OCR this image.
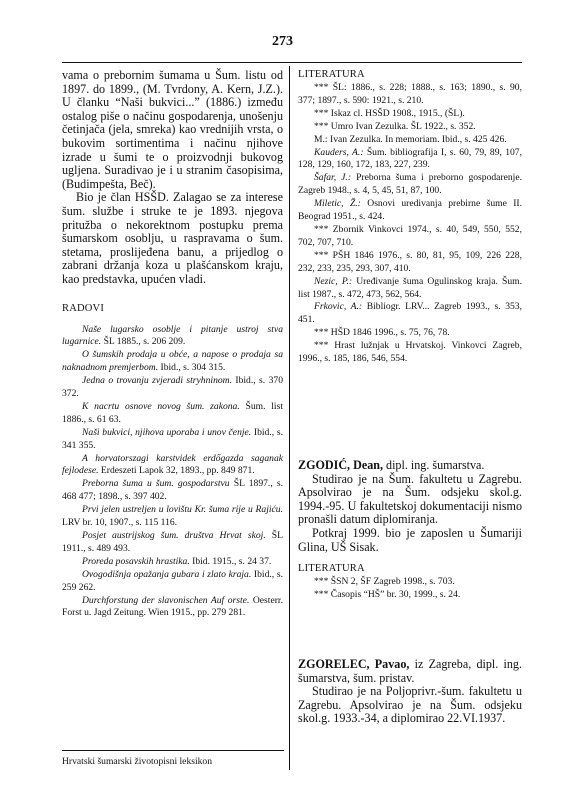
273

vama o prebornim šumama u Šum. listu od 1897. do 1899., (M. Tvrdony, A. Kern, J.Z.). U članku “Naši bukvici...” (1886.) između ostalog piše o načinu gospodarenja, unošenju četinjača (jela, smreka) kao vrednijih vrsta, o bukovim sortimentima i načinu njihove izrade u šumi te o proizvodnji bukovog ugljena. Suradivao je i u stranim časopisima, (Budimpešta, Beč).

Bio je član HSŠD. Zalagao se za interese šum. službe i struke te je 1893. njegova pritužba o nekorektnom postupku prema šumarskom osoblju, u raspravama o šum. stetama, proslijeđena banu, a prijedlog o zabrani držanja koza u plašćanskom kraju, kao predstavka, upućen vladi.

RADOVI

Naše lugarsko osoblje i pitanje ustroj stva lugarnice. ŠL 1885., s. 206 209.

O šumskih prodaja u obće, a napose o prodaja sa naknadnom premjerbom. Ibid., s. 304 315.

Jedna o trovanju zvjeradi stryhninom. Ibid., s. 370 372.

K nacrtu osnove novog šum. zakona. Šum. list 1886., s. 61 63.

Naši bukvici, njihova uporaba i unov čenje. Ibid., s. 341 355.

A horvatorszagi karstvidek erdőgazda saganak fejlodese. Erdeszeti Lapok 32, 1893., pp. 849 871.

Preborna šuma u šum. gospodarstvu ŠL 1897., s. 468 477; 1898., s. 397 402.

Prvi jelen ustreljen u lovištu Kr. šuma rije u Rajiću. LRV br. 10, 1907., s. 115 116.

Posjet austrijskog šum. društva Hrvat skoj. ŠL 1911., s. 489 493.

Proreda posavskih hrastika. Ibid. 1915., s. 24 37.

Ovogodišnja opažanja gubara i zlato kraja. Ibid., s. 259 262.

Durchforstung der slavonischen Auf orste. Oesterr. Forst u. Jagd Zeitung. Wien 1915., pp. 279 281.

LITERATURA

*** ŠL: 1886., s. 228; 1888., s. 163; 1890., s. 90, 377; 1897., s. 590: 1921., s. 210.

*** Iskaz cl. HSŠD 1908., 1915., (ŠL).

*** Umro Ivan Zezulka. ŠL 1922., s. 352.

M.: Ivan Zezulka. In memoriam. Ibid., s. 425 426.

Kauders, A.: Šum. bibliografija I, s. 60, 79, 89, 107, 128, 129, 160, 172, 183, 227, 239.

Šafar, J.: Preborna šuma i preborno gospodarenje. Zagreb 1948., s. 4, 5, 45, 51, 87, 100.

Miletic, Ž.: Osnovi uredivanja prebirne šume II. Beograd 1951., s. 424.

*** Zbornik Vinkovci 1974., s. 40, 549, 550, 552, 702, 707, 710.

*** PŠH 1846 1976., s. 80, 81, 95, 109, 226 228, 232, 233, 235, 293, 307, 410.

Nezic, P.: Uređivanje šuma Ogulinskog kraja. Šum. list 1987., s. 472, 473, 562, 564.

Frkovic, A.: Bibliogr. LRV... Zagreb 1993., s. 353, 451.

*** HŠD 1846 1996., s. 75, 76, 78.

*** Hrast lužnjak u Hrvatskoj. Vinkovci Zagreb, 1996., s. 185, 186, 546, 554.

ZGODIĆ, Dean, dipl. ing. šumarstva.

Studirao je na Šum. fakultetu u Zagrebu. Apsolvirao je na Šum. odsjeku skol.g. 1994.-95. U fakultetskoj dokumentaciji nismo pronašli datum diplomiranja.

Potkraj 1999. bio je zaposlen u Šumariji Glina, UŠ Sisak.

LITERATURA

*** ŠSN 2, ŠF Zagreb 1998., s. 703.

*** Časopis “HŠ” br. 30, 1999., s. 24.

ZGORELEC, Pavao, iz Zagreba, dipl. ing. šumarstva, šum. pristav.

Studirao je na Poljoprivr.-šum. fakultetu u Zagrebu. Apsolvirao je na Šum. odsjeku skol.g. 1933.-34, a diplomirao 22.VI.1937.

Hrvatski šumarski životopisni leksikon
